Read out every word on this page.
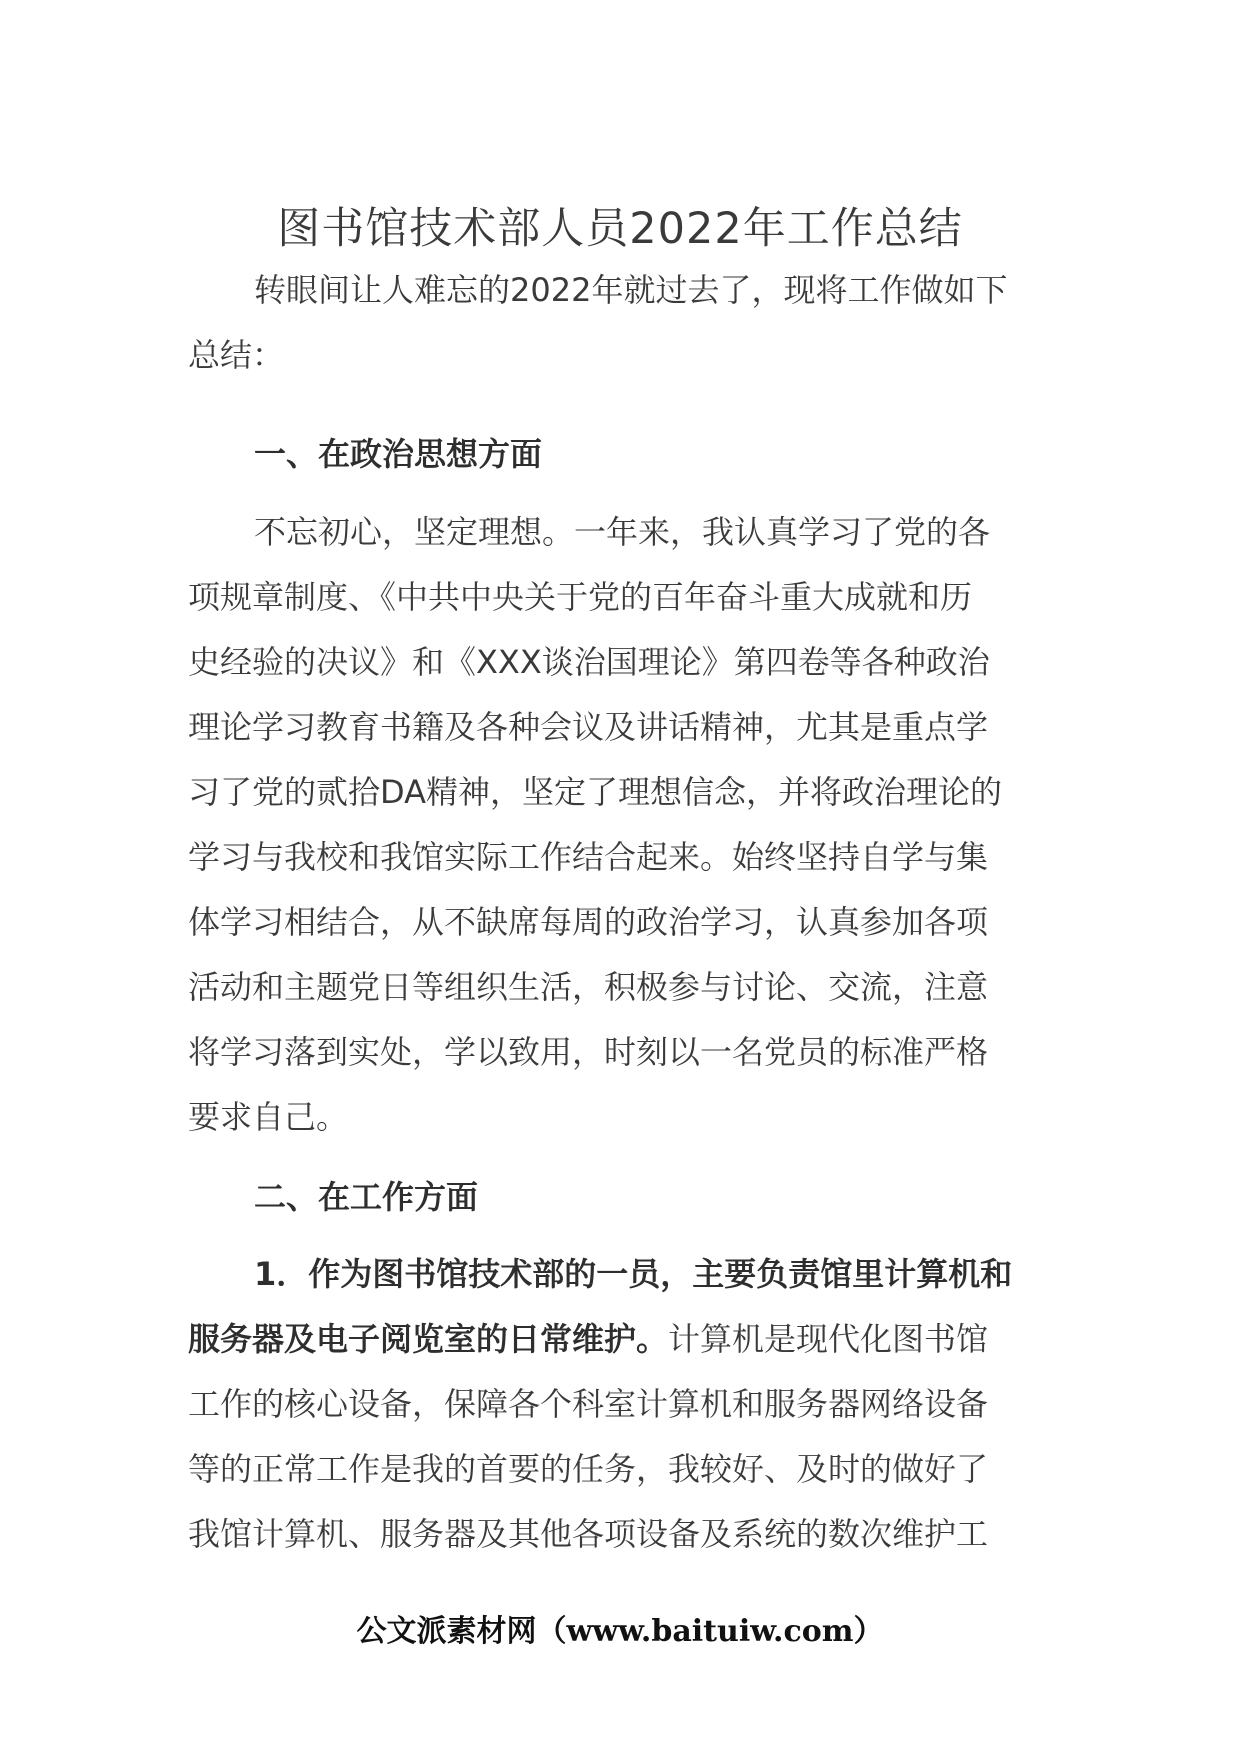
图书馆技术部人员2022年工作总结
转眼间让人难忘的2022年就过去了，现将工作做如下
总结：
一、在政治思想方面
不忘初心，坚定理想。一年来，我认真学习了党的各
项规章制度、《中共中央关于党的百年奋斗重大成就和历
史经验的决议》和《XXX谈治国理论》第四卷等各种政治
理论学习教育书籍及各种会议及讲话精神，尤其是重点学
习了党的贰拾DA精神，坚定了理想信念，并将政治理论的
学习与我校和我馆实际工作结合起来。始终坚持自学与集
体学习相结合，从不缺席每周的政治学习，认真参加各项
活动和主题党日等组织生活，积极参与讨论、交流，注意
将学习落到实处，学以致用，时刻以一名党员的标准严格
要求自己。
二、在工作方面
1．作为图书馆技术部的一员，主要负责馆里计算机和
服务器及电子阅览室的日常维护。计算机是现代化图书馆
工作的核心设备，保障各个科室计算机和服务器网络设备
等的正常工作是我的首要的任务，我较好、及时的做好了
我馆计算机、服务器及其他各项设备及系统的数次维护工
公文派素材网（www.baituiw.com）
